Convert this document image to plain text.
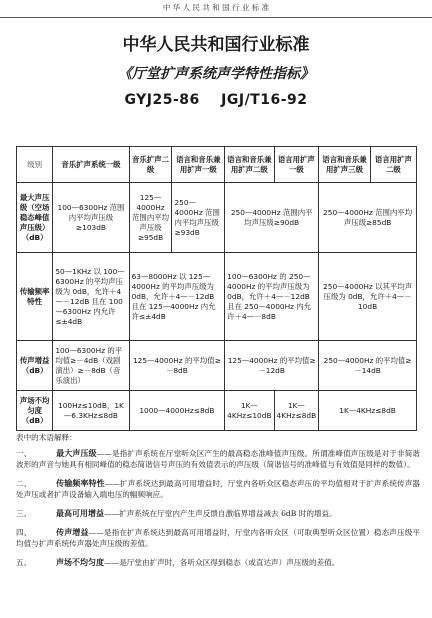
中 华 人 民 共 和 国 行 业 标 准
中华人民共和国行业标准
《厅堂扩声系统声学特性指标》
GYJ25-86 JGJ/T16-92
级别	音乐扩声系统一级	音乐扩声二级	语言和音乐兼用扩声一级	语言和音乐兼用扩声二级	语言用扩声一级	语言和音乐兼用扩声三级	语言用扩声二级
最大声压级（空场稳态峰值声压级）（dB）	100—6300Hz 范围内平均声压级≥103dB	125—4000Hz 范围内平均声压级≥95dB	250—4000Hz 范围内平均声压级≥93dB	250—4000Hz 范围内平均声压级≥90dB		250—4000Hz 范围内平均声压级≥85dB	
传输频率特性	50—1KHz 以 100—6300Hz 的平均声压级为 0dB，允许＋4—－12dB 且在 100—6300Hz 内允许≤±4dB	63—8000Hz 以 125—4000Hz 的平均声压级为 0dB，允许＋4—－12dB 且在 125—4000Hz 内允许≤±4dB		100—6300Hz 的 250—4000Hz 的平均声压级为 0dB，允许＋4—－12dB 且在 250—4000Hz 内允许＋4—－8dB		250—4000Hz 以其平均声压级为 0dB，允许＋4—－10dB	
传声增益（dB）	100—6300Hz 的平均值≥－4dB（戏剧演出）≥－8dB（音乐演出）	125—4000Hz 的平均值≥－8dB		125—4000Hz 的平均值≥－12dB		250—4000Hz 的平均值≥－14dB	
声场不均匀度（dB）	100Hz≤10dB，1K—6.3KHz≤8dB	1000—4000Hz≤8dB		1K—4KHz≤10dB	1K—4KHz≤8dB	1K—4KHz≤8dB	
表中的术语解释：
一、	最大声压级——是指扩声系统在厅堂听众区产生的最高稳态准峰值声压级。所谓准峰值声压级是对于非简谐波形的声音与她具有相同峰值的稳态简谐信号声压的有效值表示的声压级（简谐信号的准峰值与有效值是同样的数值）。
二、	传输频率特性——扩声系统达到最高可用增益时，厅堂内各听众区稳态声压的平均值相对于扩声系统传声器处声压或者扩声设备输入端电压的幅频响应。
三、	最高可用增益——扩声系统在厅堂内产生声反馈自激临界增益减去 6dB 时的增益。
四、	传声增益——是指在扩声系统达到最高可用增益时，厅堂内各听众区（可取典型听众区位置）稳态声压级平均值与扩声系统传声器处声压级的差值。
五、	声场不均匀度——是厅堂由扩声时，各听众区得到稳态（或直达声）声压级的差值。
